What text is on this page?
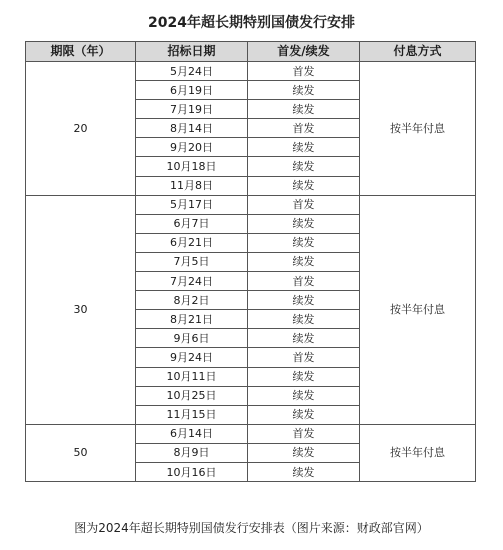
2024年超长期特别国债发行安排
期限（年）	招标日期	首发/续发	付息方式
20	5月24日	首发	按半年付息
	6月19日	续发	
	7月19日	续发	
	8月14日	首发	
	9月20日	续发	
	10月18日	续发	
	11月8日	续发	
30	5月17日	首发	按半年付息
	6月7日	续发	
	6月21日	续发	
	7月5日	续发	
	7月24日	首发	
	8月2日	续发	
	8月21日	续发	
	9月6日	续发	
	9月24日	首发	
	10月11日	续发	
	10月25日	续发	
	11月15日	续发	
50	6月14日	首发	按半年付息
	8月9日	续发	
	10月16日	续发	
图为2024年超长期特别国债发行安排表（图片来源：财政部官网）
